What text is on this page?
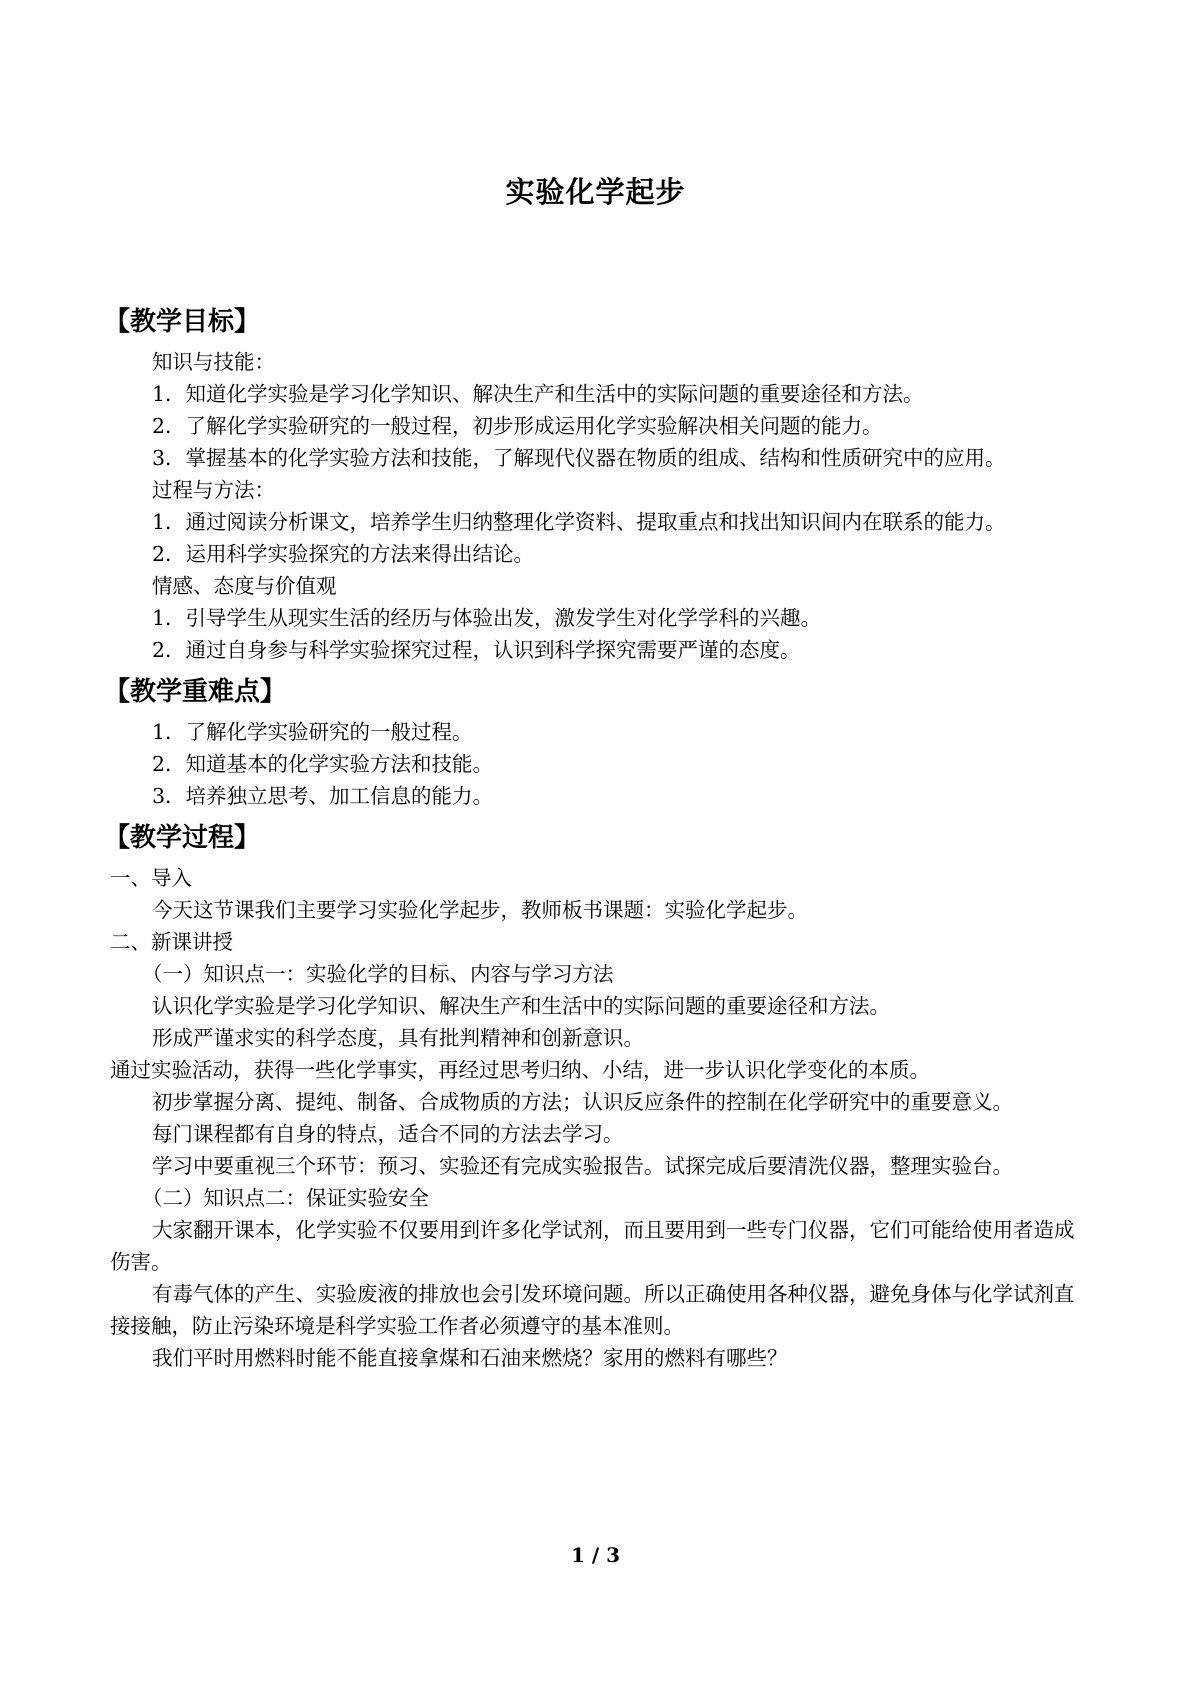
实验化学起步
【教学目标】

知识与技能：

1．知道化学实验是学习化学知识、解决生产和生活中的实际问题的重要途径和方法。

2．了解化学实验研究的一般过程，初步形成运用化学实验解决相关问题的能力。

3．掌握基本的化学实验方法和技能，了解现代仪器在物质的组成、结构和性质研究中的应用。

过程与方法：

1．通过阅读分析课文，培养学生归纳整理化学资料、提取重点和找出知识间内在联系的能力。

2．运用科学实验探究的方法来得出结论。

情感、态度与价值观

1．引导学生从现实生活的经历与体验出发，激发学生对化学学科的兴趣。

2．通过自身参与科学实验探究过程，认识到科学探究需要严谨的态度。

【教学重难点】

1．了解化学实验研究的一般过程。

2．知道基本的化学实验方法和技能。

3．培养独立思考、加工信息的能力。

【教学过程】

一、导入

今天这节课我们主要学习实验化学起步，教师板书课题：实验化学起步。

二、新课讲授

（一）知识点一：实验化学的目标、内容与学习方法

认识化学实验是学习化学知识、解决生产和生活中的实际问题的重要途径和方法。

形成严谨求实的科学态度，具有批判精神和创新意识。

通过实验活动，获得一些化学事实，再经过思考归纳、小结，进一步认识化学变化的本质。

初步掌握分离、提纯、制备、合成物质的方法；认识反应条件的控制在化学研究中的重要意义。

每门课程都有自身的特点，适合不同的方法去学习。

学习中要重视三个环节：预习、实验还有完成实验报告。试探完成后要清洗仪器，整理实验台。

（二）知识点二：保证实验安全

大家翻开课本，化学实验不仅要用到许多化学试剂，而且要用到一些专门仪器，它们可能给使用者造成伤害。

有毒气体的产生、实验废液的排放也会引发环境问题。所以正确使用各种仪器，避免身体与化学试剂直接接触，防止污染环境是科学实验工作者必须遵守的基本准则。

我们平时用燃料时能不能直接拿煤和石油来燃烧？家用的燃料有哪些？

1 / 3
